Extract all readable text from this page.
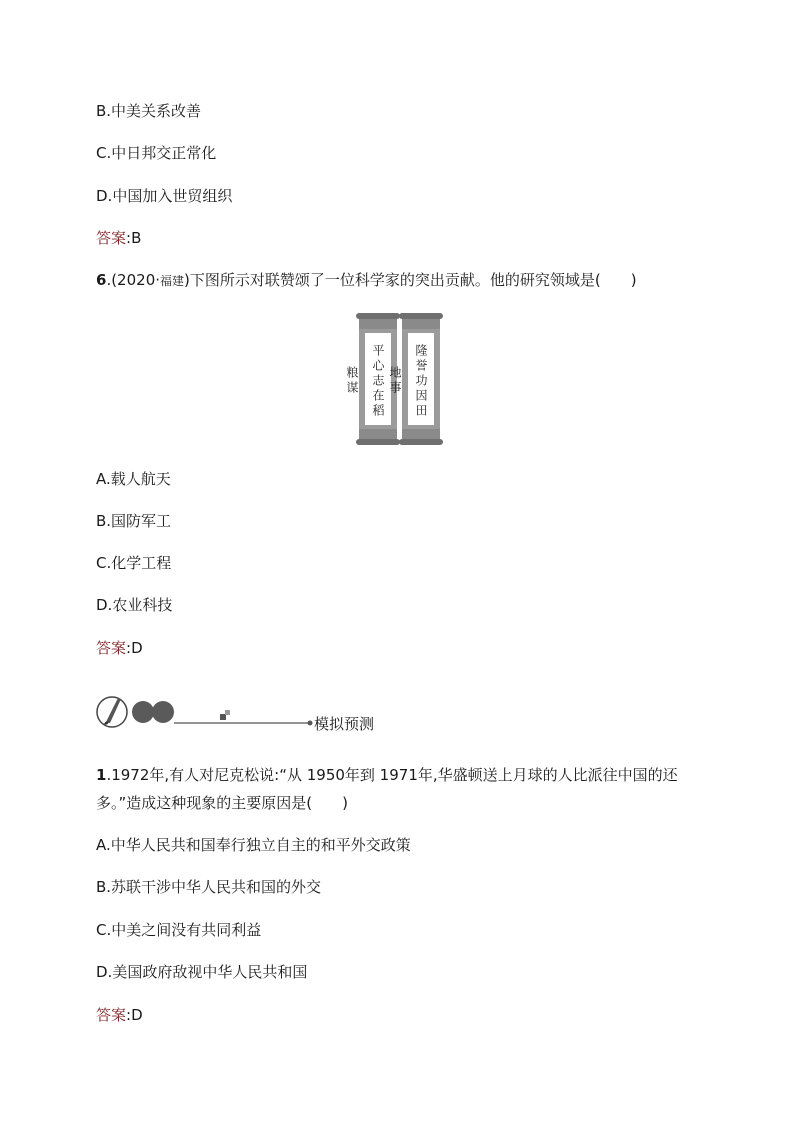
B.中美关系改善
C.中日邦交正常化
D.中国加入世贸组织
答案:B
6.(2020·福建)下图所示对联赞颂了一位科学家的突出贡献。他的研究领域是(　　)
平心志在稻粮谋	隆誉功因田地事
A.载人航天
B.国防军工
C.化学工程
D.农业科技
答案:D
模拟预测
1.1972年,有人对尼克松说:“从 1950年到 1971年,华盛顿送上月球的人比派往中国的还
多。”造成这种现象的主要原因是(　　)
A.中华人民共和国奉行独立自主的和平外交政策
B.苏联干涉中华人民共和国的外交
C.中美之间没有共同利益
D.美国政府敌视中华人民共和国
答案:D
